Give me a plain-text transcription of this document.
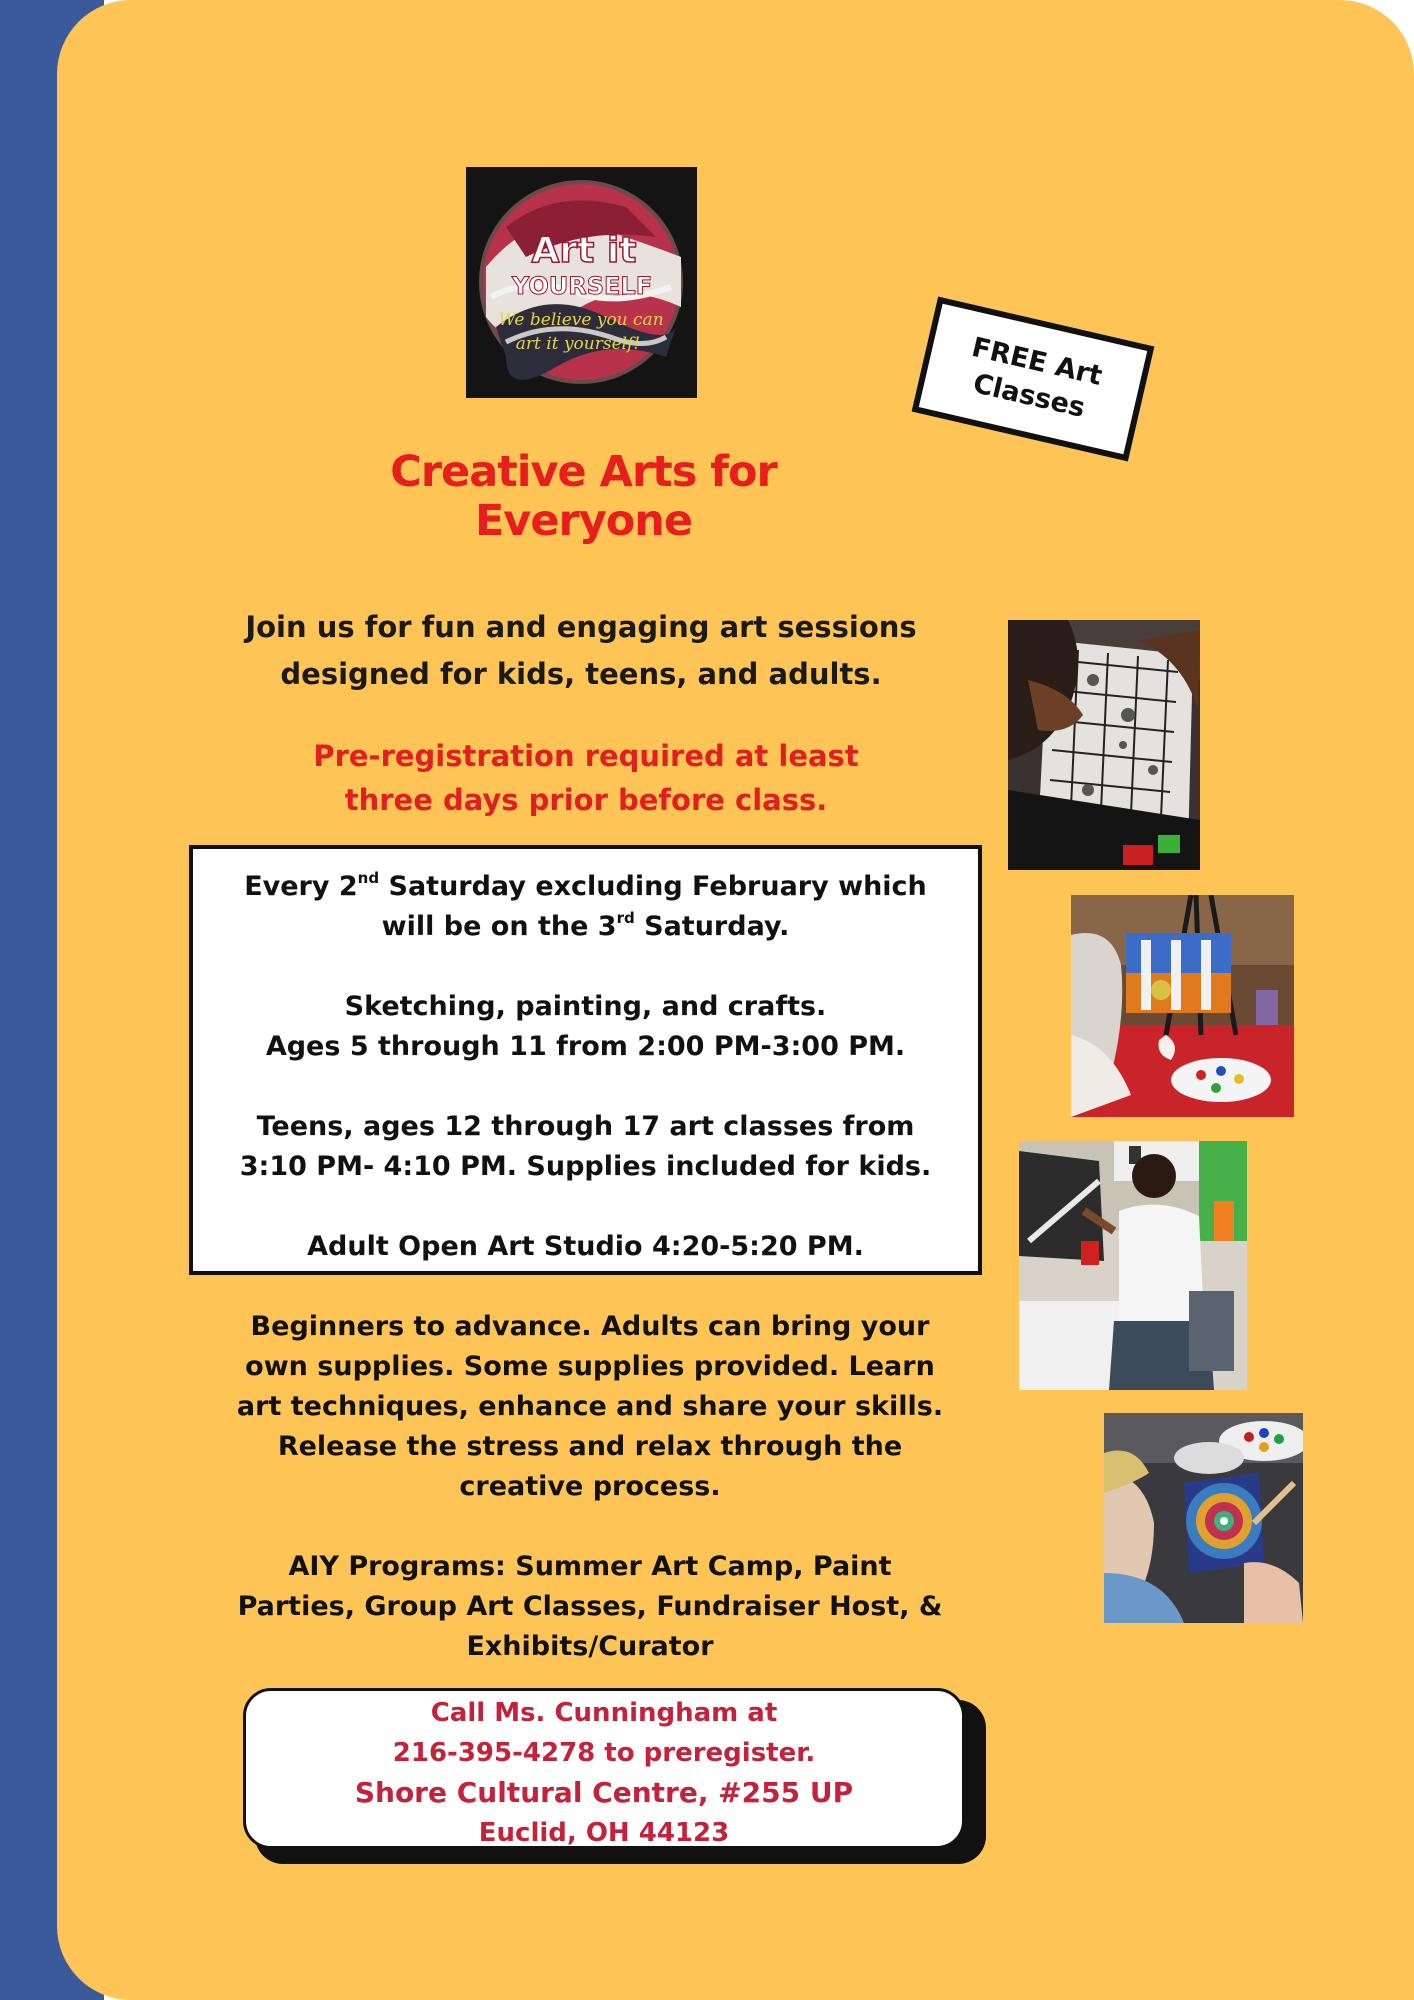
Art it
YOURSELF
We believe you can
art it yourself!	FREE Art Classes
Creative Arts for
Everyone
Join us for fun and engaging art sessions
designed for kids, teens, and adults.
Pre-registration required at least
three days prior before class.

Every 2nd Saturday excluding February which

will be on the 3rd Saturday.

Sketching, painting, and crafts.

Ages 5 through 11 from 2:00 PM-3:00 PM.

Teens, ages 12 through 17 art classes from

3:10 PM- 4:10 PM. Supplies included for kids.

Adult Open Art Studio 4:20-5:20 PM.

Beginners to advance. Adults can bring your

own supplies. Some supplies provided. Learn

art techniques, enhance and share your skills.

Release the stress and relax through the

creative process.

AIY Programs: Summer Art Camp, Paint

Parties, Group Art Classes, Fundraiser Host, &

Exhibits/Curator

Call Ms. Cunningham at

216-395-4278 to preregister.

Shore Cultural Centre, #255 UP

Euclid, OH 44123
